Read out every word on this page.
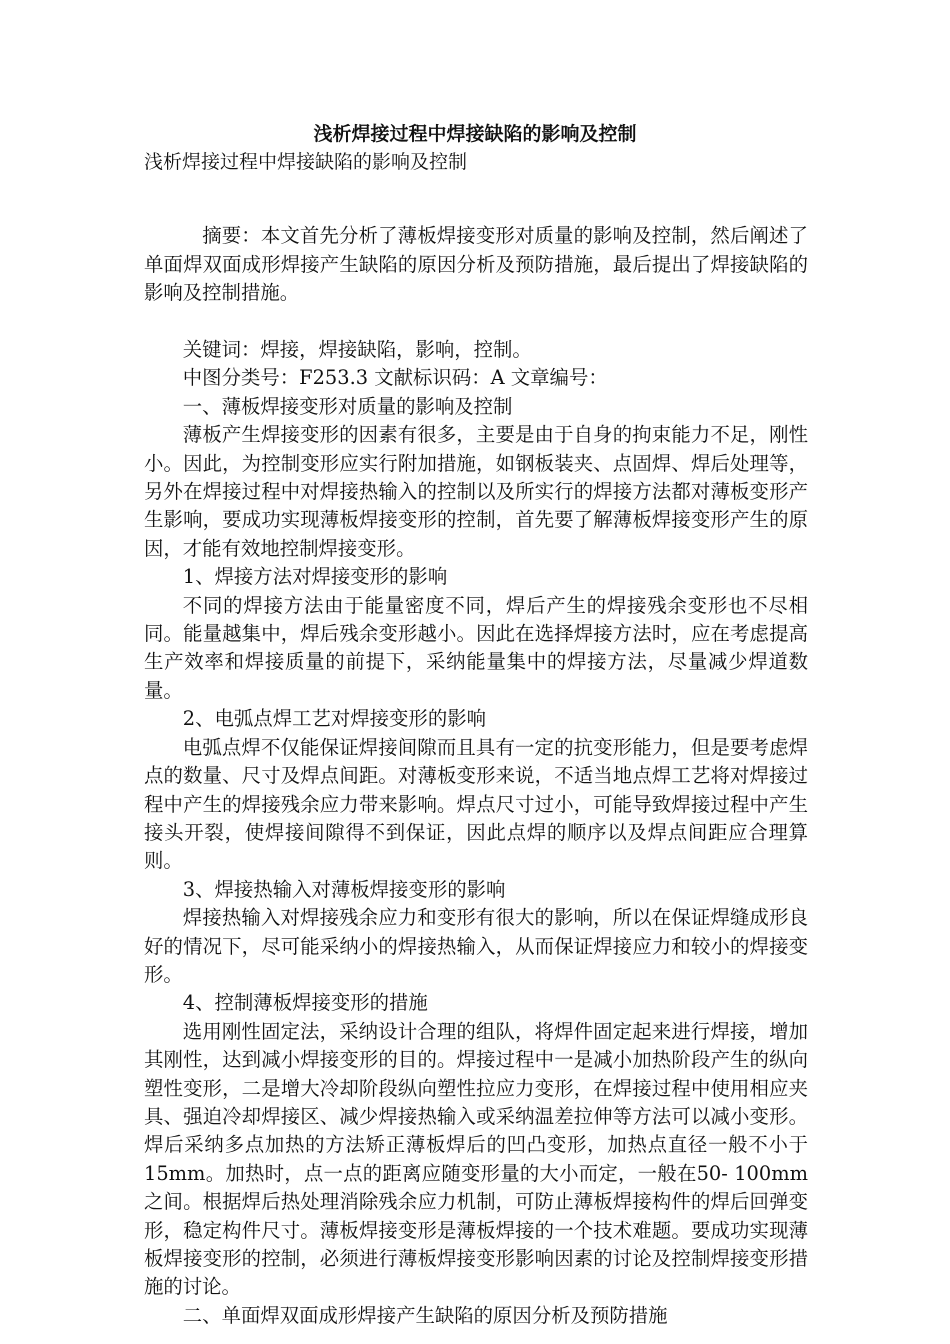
浅析焊接过程中焊接缺陷的影响及控制

浅析焊接过程中焊接缺陷的影响及控制

摘要：本文首先分析了薄板焊接变形对质量的影响及控制，然后阐述了单面焊双面成形焊接产生缺陷的原因分析及预防措施，最后提出了焊接缺陷的影响及控制措施。

关键词：焊接，焊接缺陷，影响，控制。

中图分类号：F253.3 文献标识码：A 文章编号：

一、薄板焊接变形对质量的影响及控制

薄板产生焊接变形的因素有很多，主要是由于自身的拘束能力不足，刚性小。因此，为控制变形应实行附加措施，如钢板装夹、点固焊、焊后处理等，另外在焊接过程中对焊接热输入的控制以及所实行的焊接方法都对薄板变形产生影响，要成功实现薄板焊接变形的控制，首先要了解薄板焊接变形产生的原因，才能有效地控制焊接变形。

1、焊接方法对焊接变形的影响

不同的焊接方法由于能量密度不同，焊后产生的焊接残余变形也不尽相同。能量越集中，焊后残余变形越小。因此在选择焊接方法时，应在考虑提高生产效率和焊接质量的前提下，采纳能量集中的焊接方法，尽量减少焊道数量。

2、电弧点焊工艺对焊接变形的影响

电弧点焊不仅能保证焊接间隙而且具有一定的抗变形能力，但是要考虑焊点的数量、尺寸及焊点间距。对薄板变形来说，不适当地点焊工艺将对焊接过程中产生的焊接残余应力带来影响。焊点尺寸过小，可能导致焊接过程中产生接头开裂，使焊接间隙得不到保证，因此点焊的顺序以及焊点间距应合理算则。

3、焊接热输入对薄板焊接变形的影响

焊接热输入对焊接残余应力和变形有很大的影响，所以在保证焊缝成形良好的情况下，尽可能采纳小的焊接热输入，从而保证焊接应力和较小的焊接变形。

4、控制薄板焊接变形的措施

选用刚性固定法，采纳设计合理的组队，将焊件固定起来进行焊接，增加其刚性，达到减小焊接变形的目的。焊接过程中一是减小加热阶段产生的纵向塑性变形，二是增大冷却阶段纵向塑性拉应力变形，在焊接过程中使用相应夹具、强迫冷却焊接区、减少焊接热输入或采纳温差拉伸等方法可以减小变形。焊后采纳多点加热的方法矫正薄板焊后的凹凸变形，加热点直径一般不小于15mm。加热时，点一点的距离应随变形量的大小而定，一般在50- 100mm之间。根据焊后热处理消除残余应力机制，可防止薄板焊接构件的焊后回弹变形，稳定构件尺寸。薄板焊接变形是薄板焊接的一个技术难题。要成功实现薄板焊接变形的控制，必须进行薄板焊接变形影响因素的讨论及控制焊接变形措施的讨论。

二、单面焊双面成形焊接产生缺陷的原因分析及预防措施
